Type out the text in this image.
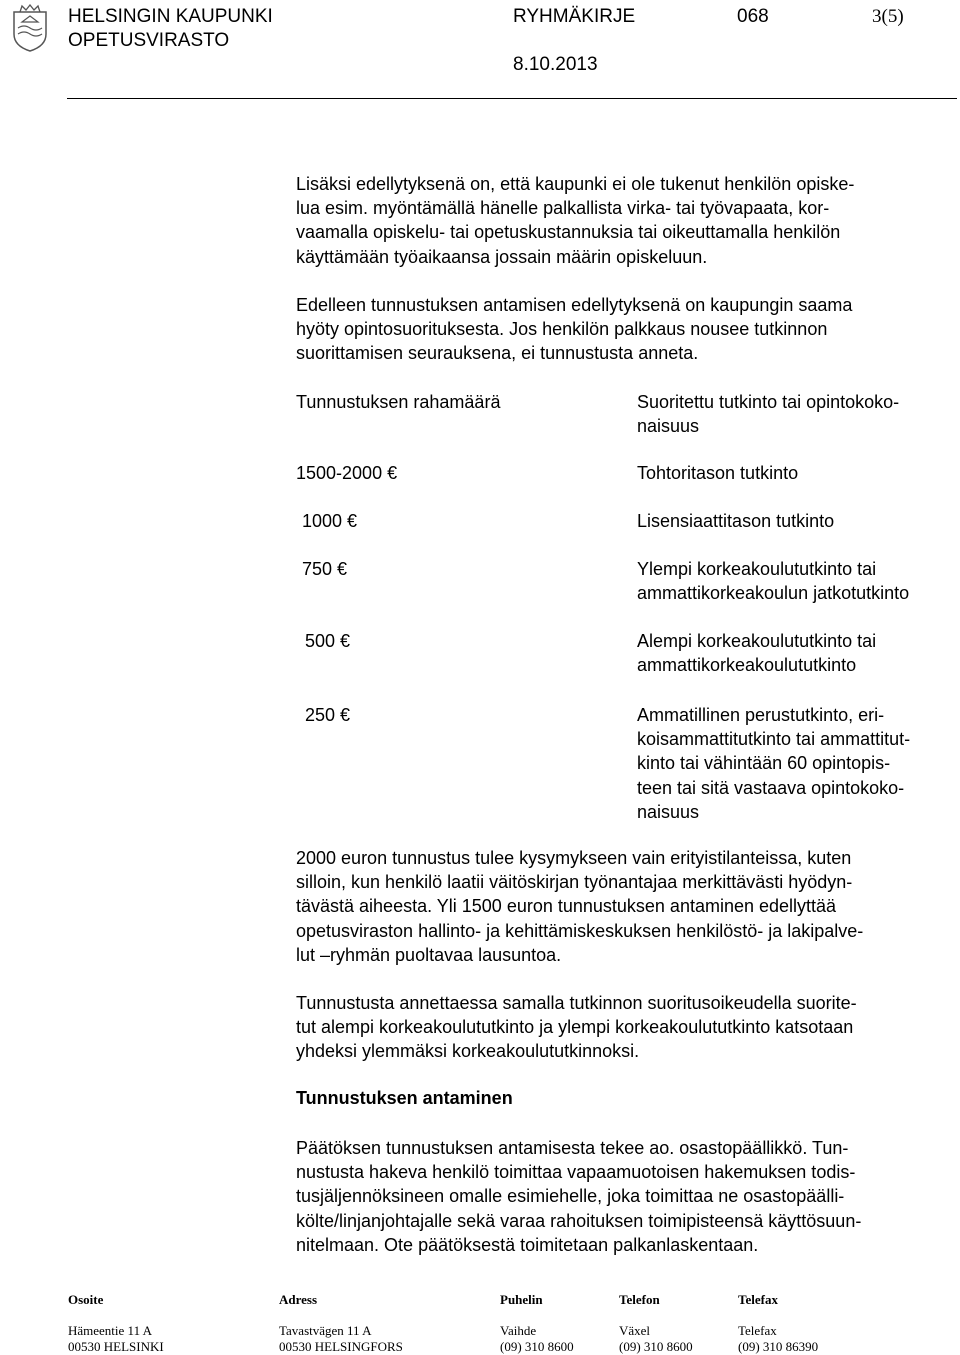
HELSINGIN KAUPUNKI
OPETUSVIRASTO
RYHMÄKIRJE	068	3(5)
8.10.2013
Lisäksi edellytyksenä on, että kaupunki ei ole tukenut henkilön opiske-
lua esim. myöntämällä hänelle palkallista virka- tai työvapaata, kor-
vaamalla opiskelu- tai opetuskustannuksia tai oikeuttamalla henkilön
käyttämään työaikaansa jossain määrin opiskeluun.
Edelleen tunnustuksen antamisen edellytyksenä on kaupungin saama
hyöty opintosuorituksesta. Jos henkilön palkkaus nousee tutkinnon
suorittamisen seurauksena, ei tunnustusta anneta.
Tunnustuksen rahamäärä	Suoritettu tutkinto tai opintokoko-
naisuus
1500-2000 €	Tohtoritason tutkinto
1000 €	Lisensiaattitason tutkinto
750 €	Ylempi korkeakoulututkinto tai
ammattikorkeakoulun jatkotutkinto
500 €	Alempi korkeakoulututkinto tai
ammattikorkeakoulututkinto
250 €	Ammatillinen perustutkinto, eri-
koisammattitutkinto tai ammattitut-
kinto tai vähintään 60 opintopis-
teen tai sitä vastaava opintokoko-
naisuus
2000 euron tunnustus tulee kysymykseen vain erityistilanteissa, kuten
silloin, kun henkilö laatii väitöskirjan työnantajaa merkittävästi hyödyn-
tävästä aiheesta. Yli 1500 euron tunnustuksen antaminen edellyttää
opetusviraston hallinto- ja kehittämiskeskuksen henkilöstö- ja lakipalve-
lut –ryhmän puoltavaa lausuntoa.
Tunnustusta annettaessa samalla tutkinnon suoritusoikeudella suorite-
tut alempi korkeakoulututkinto ja ylempi korkeakoulututkinto katsotaan
yhdeksi ylemmäksi korkeakoulututkinnoksi.
Tunnustuksen antaminen
Päätöksen tunnustuksen antamisesta tekee ao. osastopäällikkö. Tun-
nustusta hakeva henkilö toimittaa vapaamuotoisen hakemuksen todis-
tusjäljennöksineen omalle esimiehelle, joka toimittaa ne osastopäälli-
költe/linjanjohtajalle sekä varaa rahoituksen toimipisteensä käyttösuun-
nitelmaan. Ote päätöksestä toimitetaan palkanlaskentaan.
Osoite	Adress	Puhelin	Telefon	Telefax
Hämeentie 11 A	Tavastvägen 11 A	Vaihde	Växel	Telefax
00530 HELSINKI	00530 HELSINGFORS	(09) 310 8600	(09) 310 8600	(09) 310 86390
